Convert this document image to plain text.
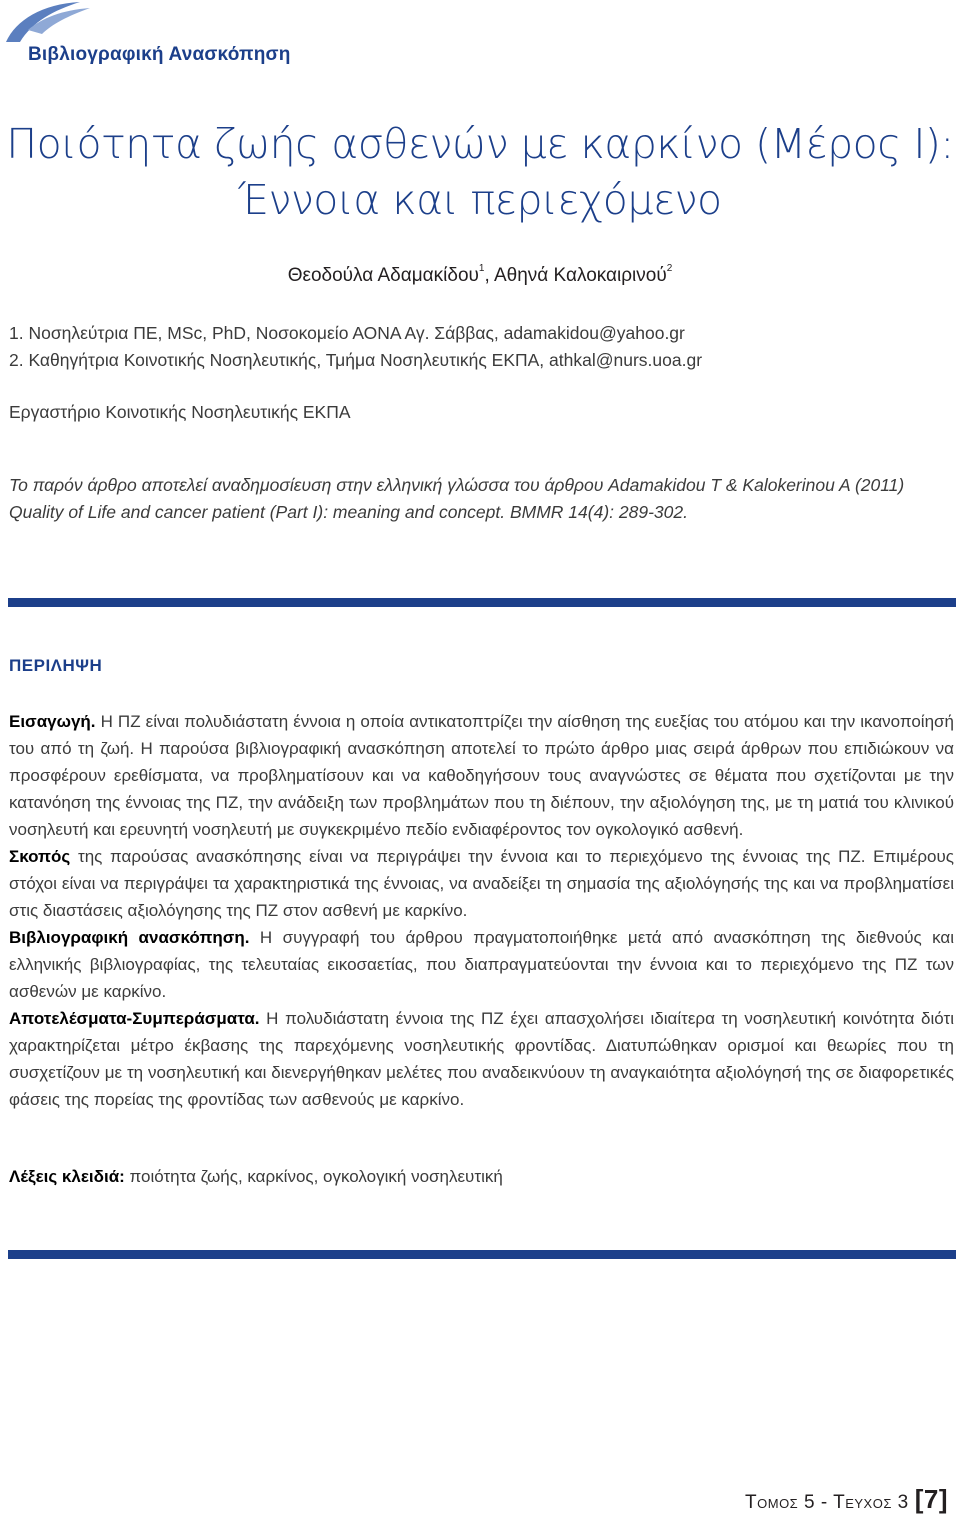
Βιβλιογραφική Ανασκόπηση
Ποιότητα ζωής ασθενών με καρκίνο (Μέρος Ι):
Έννοια και περιεχόμενο
Θεοδούλα Αδαμακίδου$^1$, Αθηνά Καλοκαιρινού$^2$
1. Νοσηλεύτρια ΠΕ, MSc, PhD, Νοσοκομείο ΑΟΝΑ Αγ. Σάββας, adamakidou@yahoo.gr
2. Καθηγήτρια Κοινοτικής Νοσηλευτικής, Τμήμα Νοσηλευτικής ΕΚΠΑ, athkal@nurs.uoa.gr
Εργαστήριο Κοινοτικής Νοσηλευτικής ΕΚΠΑ
Το παρόν άρθρο αποτελεί αναδημοσίευση στην ελληνική γλώσσα του άρθρου Adamakidou T & Kalokerinou A (2011) Quality of Life and cancer patient (Part I): meaning and concept. BMMR 14(4): 289-302.
ΠΕΡΙΛΗΨΗ

Εισαγωγή. Η ΠΖ είναι πολυδιάστατη έννοια η οποία αντικατοπτρίζει την αίσθηση της ευεξίας του ατόμου και την ικανοποίησή του από τη ζωή. Η παρούσα βιβλιογραφική ανασκόπηση αποτελεί το πρώτο άρθρο μιας σειρά άρθρων που επιδιώκουν να προσφέρουν ερεθίσματα, να προβληματίσουν και να καθοδηγήσουν τους αναγνώστες σε θέματα που σχετίζονται με την κατανόηση της έννοιας της ΠΖ, την ανάδειξη των προβλημάτων που τη διέπουν, την αξιολόγηση της, με τη ματιά του κλινικού νοσηλευτή και ερευνητή νοσηλευτή με συγκεκριμένο πεδίο ενδιαφέροντος τον ογκολογικό ασθενή.

Σκοπός της παρούσας ανασκόπησης είναι να περιγράψει την έννοια και το περιεχόμενο της έννοιας της ΠΖ. Επιμέρους στόχοι είναι να περιγράψει τα χαρακτηριστικά της έννοιας, να αναδείξει τη σημασία της αξιολόγησής της και να προβληματίσει στις διαστάσεις αξιολόγησης της ΠΖ στον ασθενή με καρκίνο.

Βιβλιογραφική ανασκόπηση. Η συγγραφή του άρθρου πραγματοποιήθηκε μετά από ανασκόπηση της διεθνούς και ελληνικής βιβλιογραφίας, της τελευταίας εικοσαετίας, που διαπραγματεύονται την έννοια και το περιεχόμενο της ΠΖ των ασθενών με καρκίνο.

Αποτελέσματα-Συμπεράσματα. Η πολυδιάστατη έννοια της ΠΖ έχει απασχολήσει ιδιαίτερα τη νοσηλευτική κοινότητα διότι χαρακτηρίζεται μέτρο έκβασης της παρεχόμενης νοσηλευτικής φροντίδας. Διατυπώθηκαν ορισμοί και θεωρίες που τη συσχετίζουν με τη νοσηλευτική και διενεργήθηκαν μελέτες που αναδεικνύουν τη αναγκαιότητα αξιολόγησή της σε διαφορετικές φάσεις της πορείας της φροντίδας των ασθενούς με καρκίνο.

Λέξεις κλειδιά: ποιότητα ζωής, καρκίνος, ογκολογική νοσηλευτική
Τομος 5 - Τευχος 3 [7]
